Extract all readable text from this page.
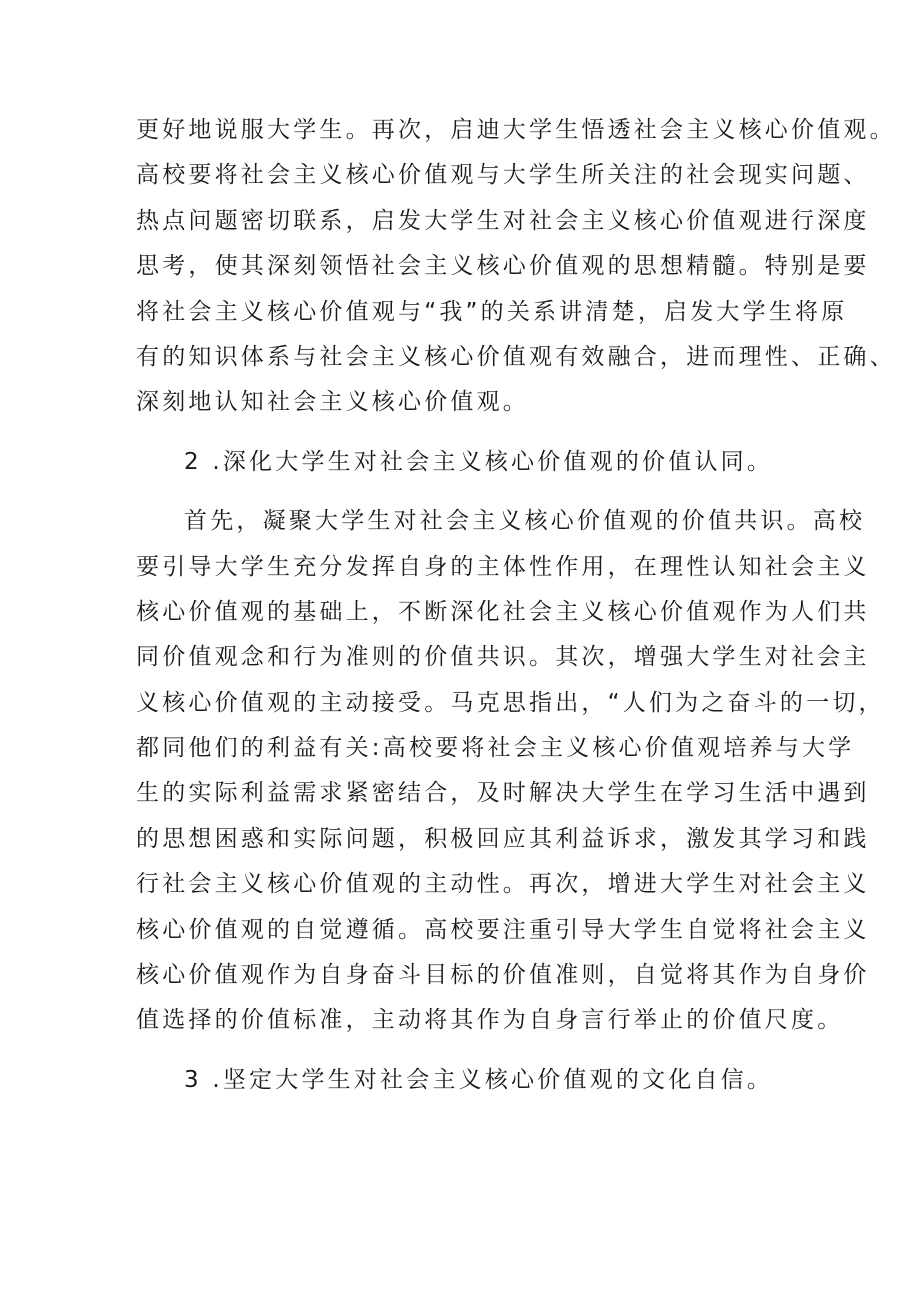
更好地说服大学生。再次，启迪大学生悟透社会主义核心价值观。
高校要将社会主义核心价值观与大学生所关注的社会现实问题、
热点问题密切联系，启发大学生对社会主义核心价值观进行深度
思考，使其深刻领悟社会主义核心价值观的思想精髓。特别是要
将社会主义核心价值观与“我”的关系讲清楚，启发大学生将原
有的知识体系与社会主义核心价值观有效融合，进而理性、正确、
深刻地认知社会主义核心价值观。
2 .深化大学生对社会主义核心价值观的价值认同。
首先，凝聚大学生对社会主义核心价值观的价值共识。高校
要引导大学生充分发挥自身的主体性作用，在理性认知社会主义
核心价值观的基础上，不断深化社会主义核心价值观作为人们共
同价值观念和行为准则的价值共识。其次，增强大学生对社会主
义核心价值观的主动接受。马克思指出，“人们为之奋斗的一切，
都同他们的利益有关:高校要将社会主义核心价值观培养与大学
生的实际利益需求紧密结合，及时解决大学生在学习生活中遇到
的思想困惑和实际问题，积极回应其利益诉求，激发其学习和践
行社会主义核心价值观的主动性。再次，增进大学生对社会主义
核心价值观的自觉遵循。高校要注重引导大学生自觉将社会主义
核心价值观作为自身奋斗目标的价值准则，自觉将其作为自身价
值选择的价值标准，主动将其作为自身言行举止的价值尺度。
3 .坚定大学生对社会主义核心价值观的文化自信。
